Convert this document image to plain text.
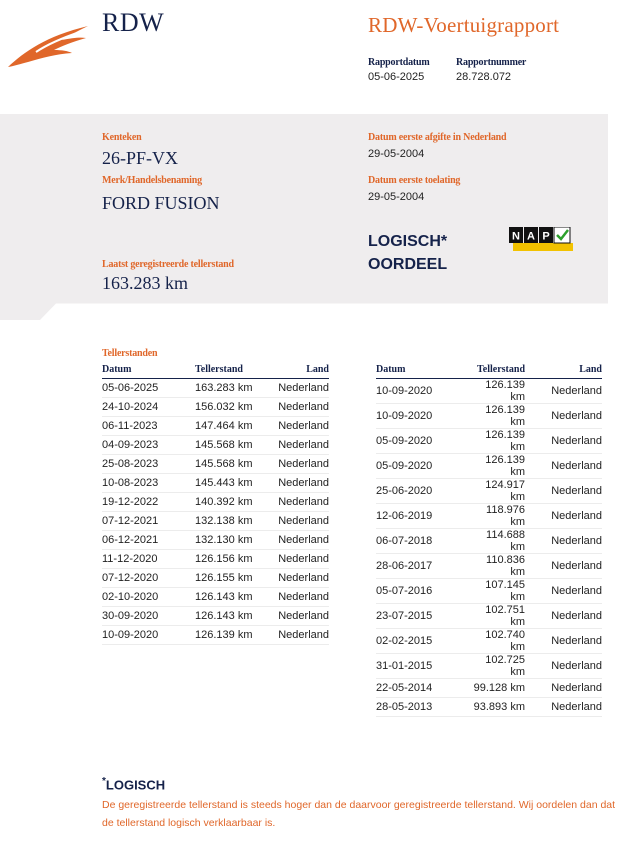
RDW	RDW-Voertuigrapport
Rapportdatum
05-06-2025
Rapportnummer
28.728.072
Kenteken
26-PF-VX
Merk/Handelsbenaming
FORD FUSION
Laatst geregistreerde tellerstand
163.283 km
Datum eerste afgifte in Nederland
29-05-2004
Datum eerste toelating
29-05-2004
LOGISCH*
OORDEEL
N A P
Tellerstanden
Datum	Tellerstand	Land
05-06-2025	163.283 km	Nederland
24-10-2024	156.032 km	Nederland
06-11-2023	147.464 km	Nederland
04-09-2023	145.568 km	Nederland
25-08-2023	145.568 km	Nederland
10-08-2023	145.443 km	Nederland
19-12-2022	140.392 km	Nederland
07-12-2021	132.138 km	Nederland
06-12-2021	132.130 km	Nederland
11-12-2020	126.156 km	Nederland
07-12-2020	126.155 km	Nederland
02-10-2020	126.143 km	Nederland
30-09-2020	126.143 km	Nederland
10-09-2020	126.139 km	Nederland
Datum	Tellerstand	Land
10-09-2020	126.139 km	Nederland
10-09-2020	126.139 km	Nederland
05-09-2020	126.139 km	Nederland
05-09-2020	126.139 km	Nederland
25-06-2020	124.917 km	Nederland
12-06-2019	118.976 km	Nederland
06-07-2018	114.688 km	Nederland
28-06-2017	110.836 km	Nederland
05-07-2016	107.145 km	Nederland
23-07-2015	102.751 km	Nederland
02-02-2015	102.740 km	Nederland
31-01-2015	102.725 km	Nederland
22-05-2014	99.128 km	Nederland
28-05-2013	93.893 km	Nederland
*LOGISCH
De geregistreerde tellerstand is steeds hoger dan de daarvoor geregistreerde tellerstand. Wij oordelen dan dat de tellerstand logisch verklaarbaar is.
